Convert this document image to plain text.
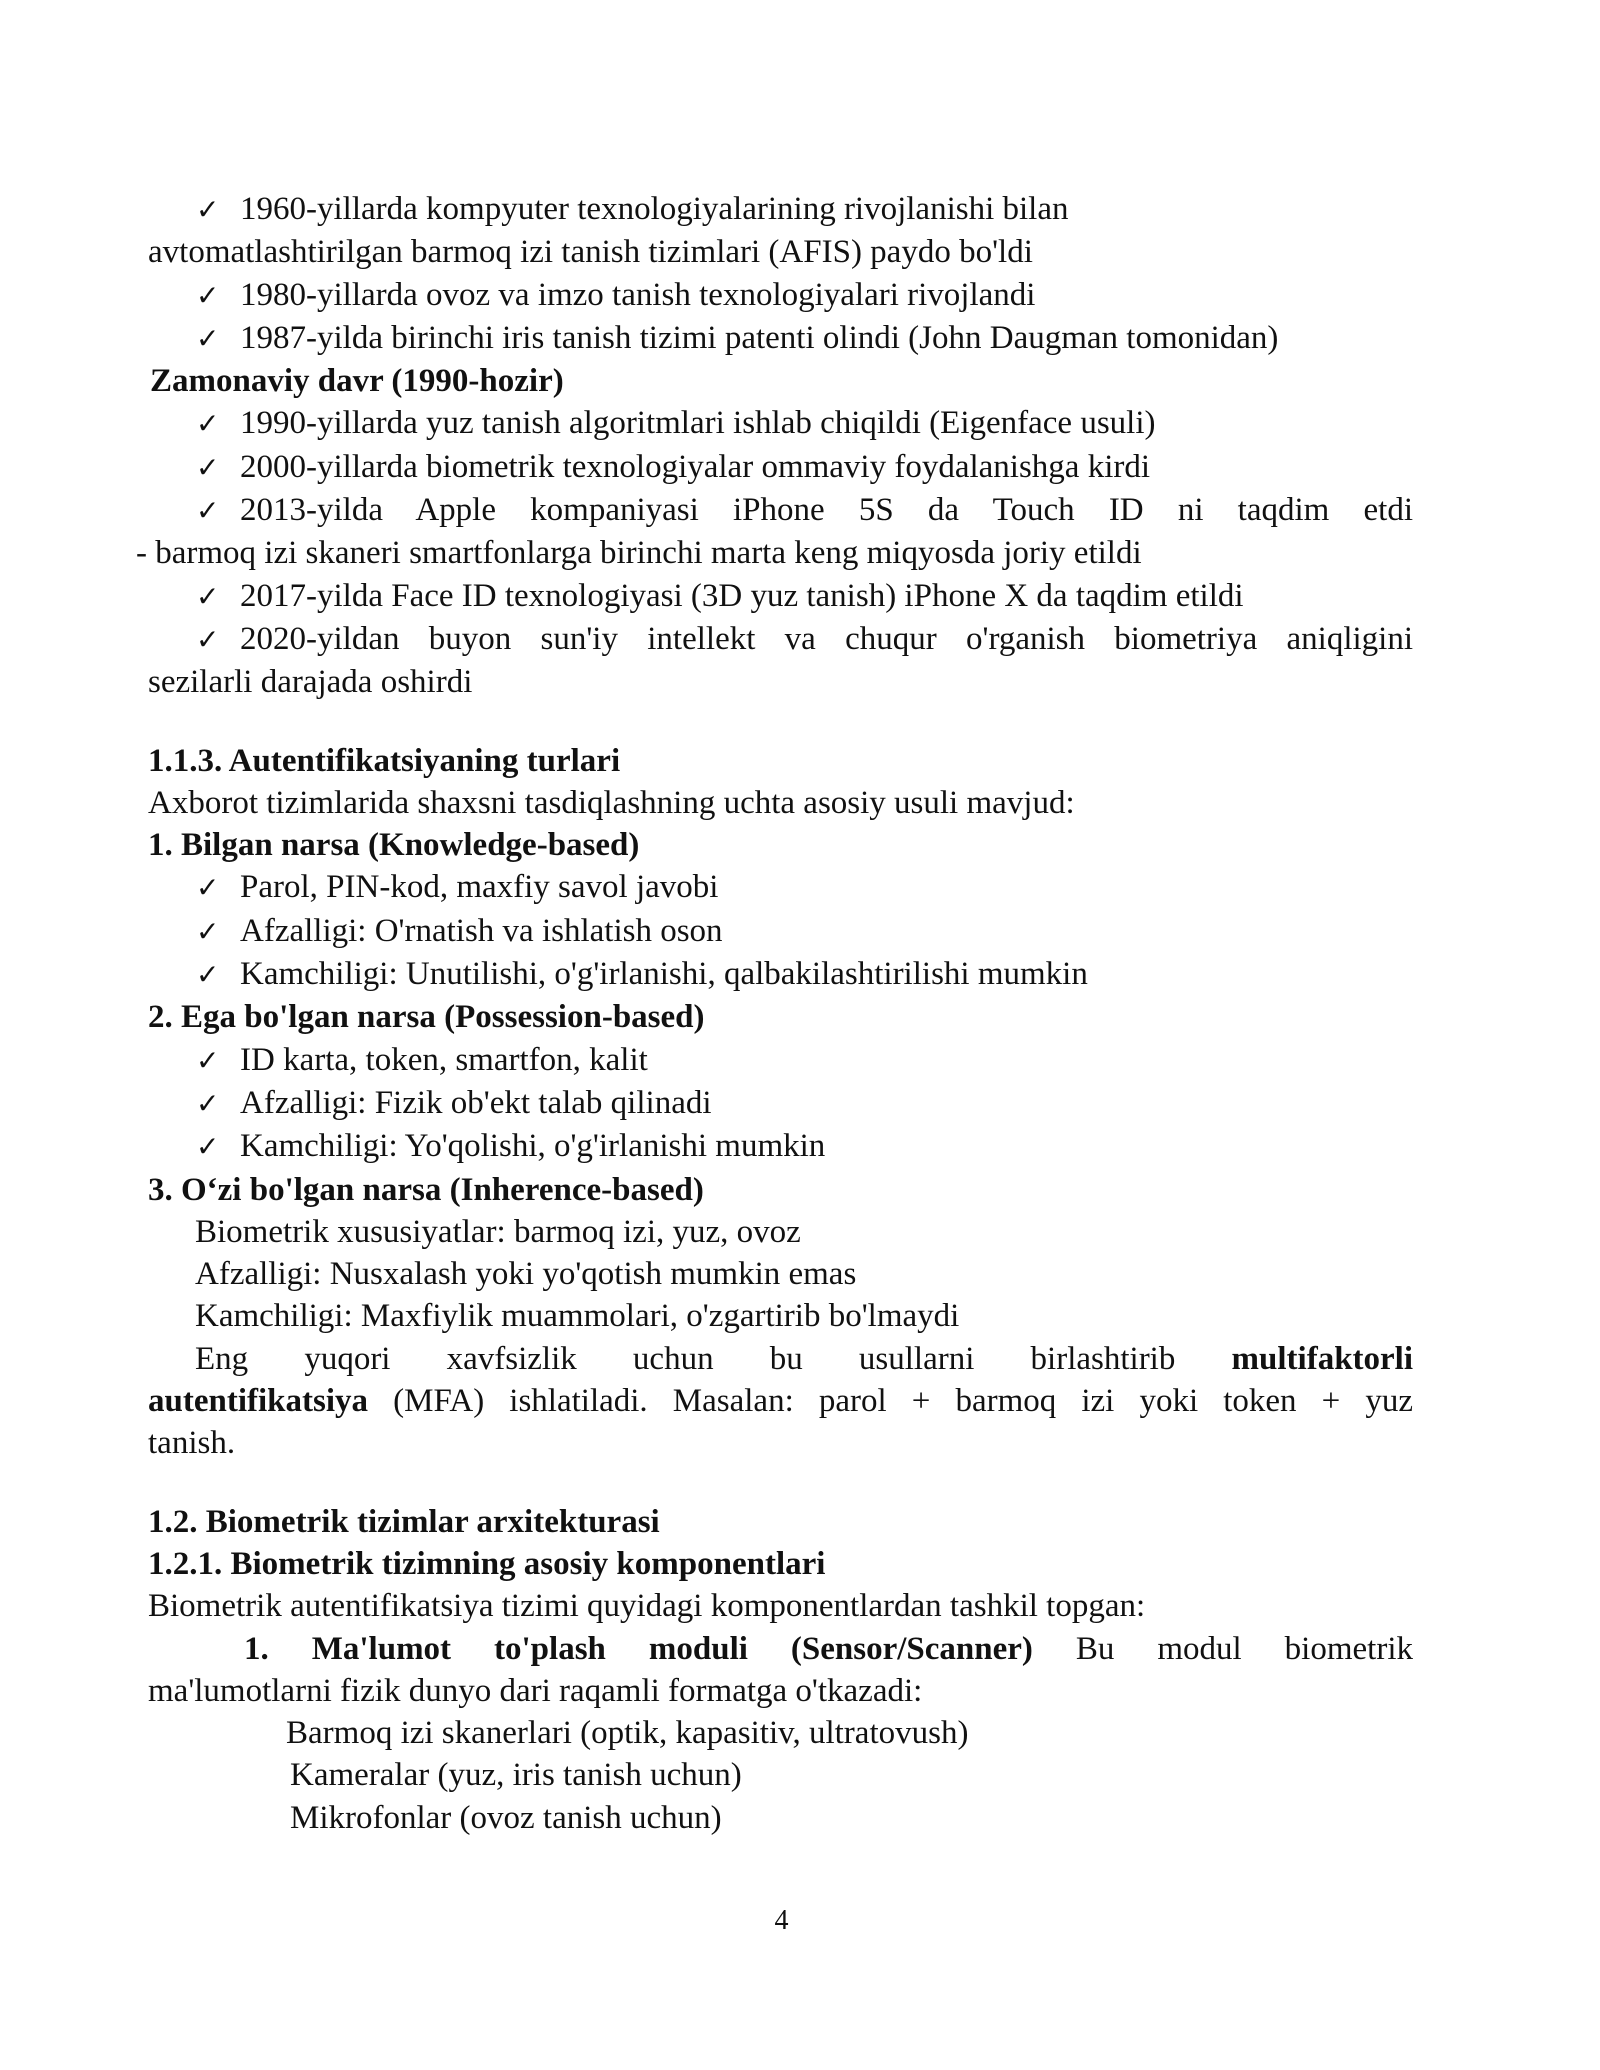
✓ 1960-yillarda kompyuter texnologiyalarining rivojlanishi bilan
avtomatlashtirilgan barmoq izi tanish tizimlari (AFIS) paydo bo'ldi
✓ 1980-yillarda ovoz va imzo tanish texnologiyalari rivojlandi
✓ 1987-yilda birinchi iris tanish tizimi patenti olindi (John Daugman tomonidan)
Zamonaviy davr (1990-hozir)
✓ 1990-yillarda yuz tanish algoritmlari ishlab chiqildi (Eigenface usuli)
✓ 2000-yillarda biometrik texnologiyalar ommaviy foydalanishga kirdi
✓ 2013-yilda Apple kompaniyasi iPhone 5S da Touch ID ni taqdim etdi
- barmoq izi skaneri smartfonlarga birinchi marta keng miqyosda joriy etildi
✓ 2017-yilda Face ID texnologiyasi (3D yuz tanish) iPhone X da taqdim etildi
✓ 2020-yildan buyon sun'iy intellekt va chuqur o'rganish biometriya aniqligini
sezilarli darajada oshirdi
1.1.3. Autentifikatsiyaning turlari
Axborot tizimlarida shaxsni tasdiqlashning uchta asosiy usuli mavjud:
1. Bilgan narsa (Knowledge-based)
✓ Parol, PIN-kod, maxfiy savol javobi
✓ Afzalligi: O'rnatish va ishlatish oson
✓ Kamchiligi: Unutilishi, o'g'irlanishi, qalbakilashtirilishi mumkin
2. Ega bo'lgan narsa (Possession-based)
✓ ID karta, token, smartfon, kalit
✓ Afzalligi: Fizik ob'ekt talab qilinadi
✓ Kamchiligi: Yo'qolishi, o'g'irlanishi mumkin
3. O‘zi bo'lgan narsa (Inherence-based)
Biometrik xususiyatlar: barmoq izi, yuz, ovoz
Afzalligi: Nusxalash yoki yo'qotish mumkin emas
Kamchiligi: Maxfiylik muammolari, o'zgartirib bo'lmaydi
Eng yuqori xavfsizlik uchun bu usullarni birlashtirib multifaktorli
autentifikatsiya (MFA) ishlatiladi. Masalan: parol + barmoq izi yoki token + yuz
tanish.
1.2. Biometrik tizimlar arxitekturasi
1.2.1. Biometrik tizimning asosiy komponentlari
Biometrik autentifikatsiya tizimi quyidagi komponentlardan tashkil topgan:
1. Ma'lumot to'plash moduli (Sensor/Scanner) Bu modul biometrik
ma'lumotlarni fizik dunyo dari raqamli formatga o'tkazadi:
Barmoq izi skanerlari (optik, kapasitiv, ultratovush)
Kameralar (yuz, iris tanish uchun)
Mikrofonlar (ovoz tanish uchun)
4
